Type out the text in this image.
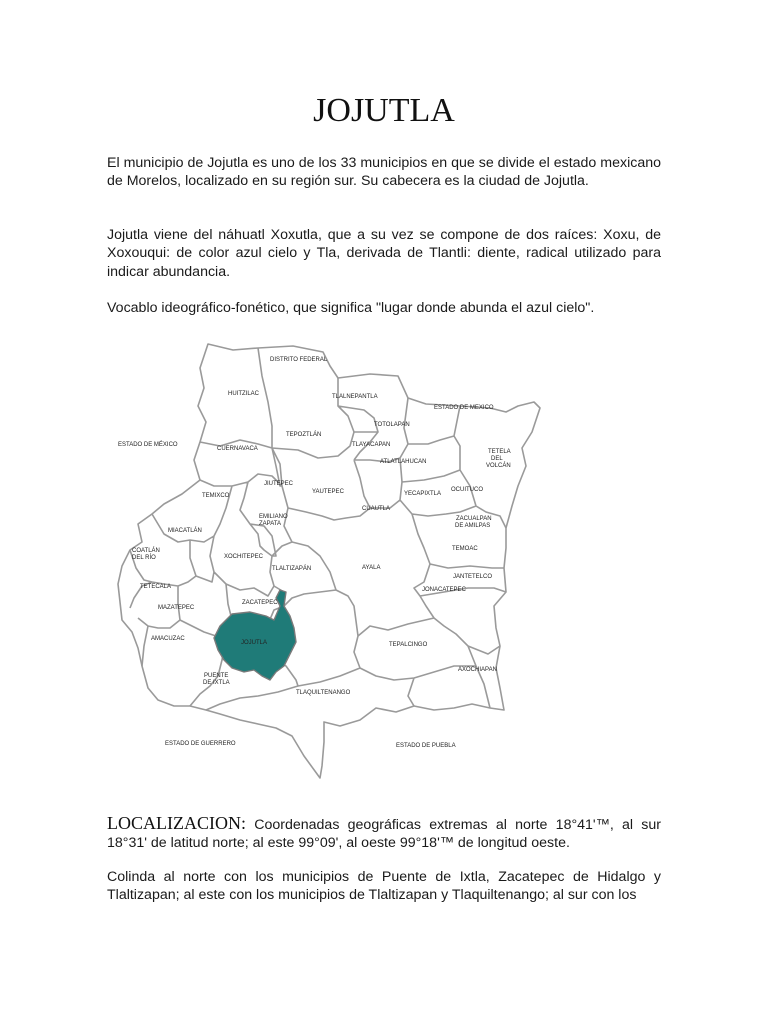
JOJUTLA

El municipio de Jojutla es uno de los 33 municipios en que se divide el estado mexicano de Morelos, localizado en su región sur. Su cabecera es la ciudad de Jojutla.

Jojutla viene del náhuatl Xoxutla, que a su vez se compone de dos raíces: Xoxu, de Xoxouqui: de color azul cielo y Tla, derivada de Tlantli: diente, radical utilizado para indicar abundancia.

Vocablo ideográfico-fonético, que significa "lugar donde abunda el azul cielo".

DISTRITO FEDERAL
ESTADO DE MEXICO
ESTADO DE MÉXICO
ESTADO DE GUERRERO	ESTADO DE PUEBLA
HUITZILAC	TLALNEPANTLA
TOTOLAPAN
TEPOZTLÁN
TLAYACAPAN
CUERNAVACA
ATLATLAHUCAN
TETELA
DEL
VOLCÁN
JIUTEPEC
TEMIXCO
YAUTEPEC	YECAPIXTLA
OCUITUCO
CUAUTLA
EMILIANO
ZAPATA
ZACUALPAN
DE AMILPAS
MIACATLÁN
TEMOAC
COATLÁN
DEL RÍO	XOCHITEPEC
AYALA
TLALTIZAPÁN
JANTETELCO
TETECALA	JONACATEPEC
MAZATEPEC
ZACATEPEC
AMACUZAC
JOJUTLA	TEPALCINGO
AXOCHIAPAN
PUENTE
DE IXTLA
TLAQUILTENANGO

LOCALIZACION: Coordenadas geográficas extremas al norte 18°41'™, al sur 18°31' de latitud norte; al este 99°09', al oeste 99°18'™ de longitud oeste.

Colinda al norte con los municipios de Puente de Ixtla, Zacatepec de Hidalgo y Tlaltizapan; al este con los municipios de Tlaltizapan y Tlaquiltenango; al sur con los
